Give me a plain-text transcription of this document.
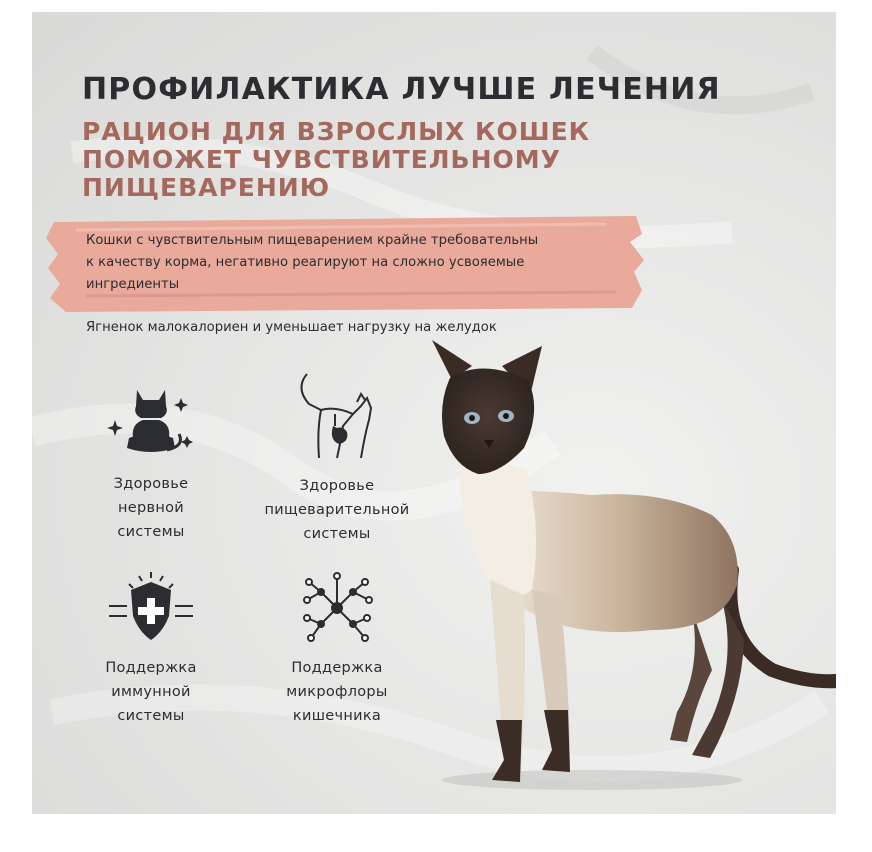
ПРОФИЛАКТИКА ЛУЧШЕ ЛЕЧЕНИЯ
РАЦИОН ДЛЯ ВЗРОСЛЫХ КОШЕК
ПОМОЖЕТ ЧУВСТВИТЕЛЬНОМУ
ПИЩЕВАРЕНИЮ
Кошки с чувствительным пищеварением крайне требовательны
к качеству корма, негативно реагируют на сложно усвояемые
ингредиенты
Ягненок малокалориен и уменьшает нагрузку на желудок
Здоровье
нервной
системы
Здоровье
пищеварительной
системы
Поддержка
иммунной
системы
Поддержка
микрофлоры
кишечника
